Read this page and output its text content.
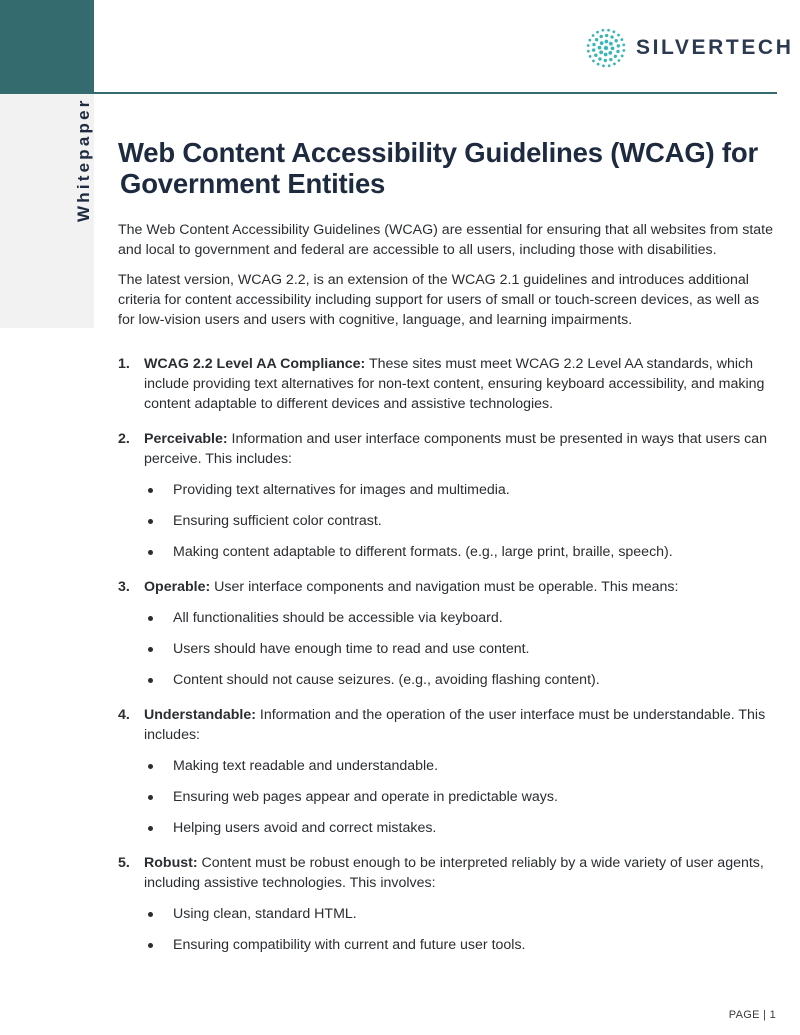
Whitepaper
SILVERTECH
Web Content Accessibility Guidelines (WCAG) for
Government Entities

The Web Content Accessibility Guidelines (WCAG) are essential for ensuring that all websites from state and local to government and federal are accessible to all users, including those with disabilities.

The latest version, WCAG 2.2, is an extension of the WCAG 2.1 guidelines and introduces additional criteria for content accessibility including support for users of small or touch-screen devices, as well as for low-vision users and users with cognitive, language, and learning impairments.

1. WCAG 2.2 Level AA Compliance: These sites must meet WCAG 2.2 Level AA standards, which include providing text alternatives for non-text content, ensuring keyboard accessibility, and making content adaptable to different devices and assistive technologies.
2. Perceivable: Information and user interface components must be presented in ways that users can perceive. This includes:
Providing text alternatives for images and multimedia.
Ensuring sufficient color contrast.
Making content adaptable to different formats. (e.g., large print, braille, speech).
3. Operable: User interface components and navigation must be operable. This means:
All functionalities should be accessible via keyboard.
Users should have enough time to read and use content.
Content should not cause seizures. (e.g., avoiding flashing content).
4. Understandable: Information and the operation of the user interface must be understandable. This includes:
Making text readable and understandable.
Ensuring web pages appear and operate in predictable ways.
Helping users avoid and correct mistakes.
5. Robust: Content must be robust enough to be interpreted reliably by a wide variety of user agents, including assistive technologies. This involves:
Using clean, standard HTML.
Ensuring compatibility with current and future user tools.
PAGE | 1
